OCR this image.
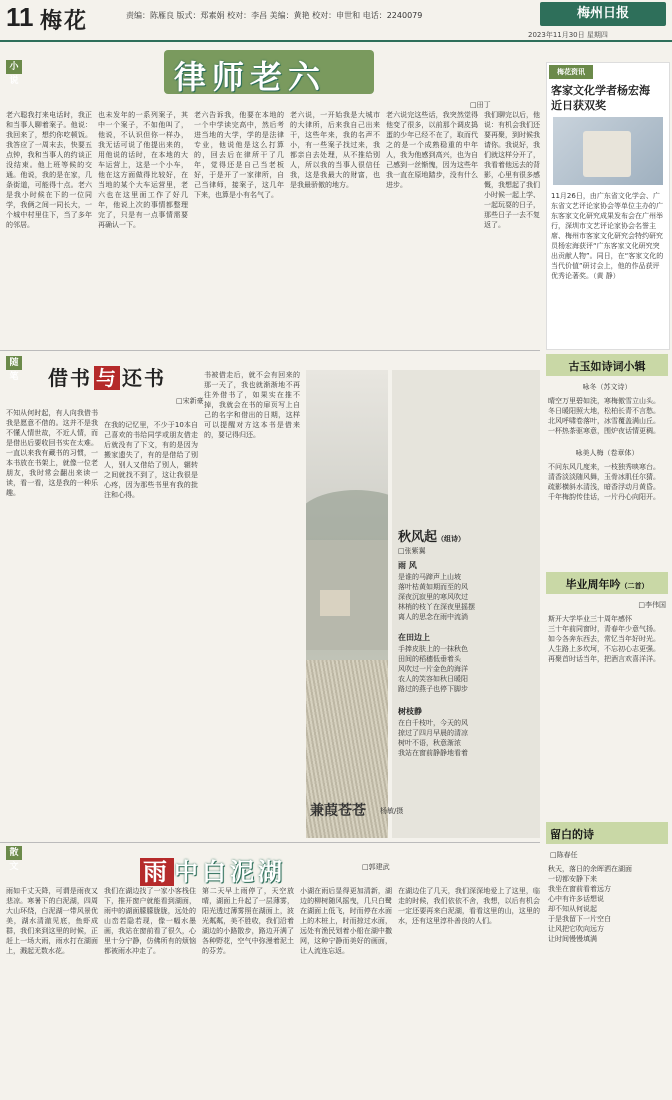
11 梅花	责编：陈雁良 版式：郑素娟 校对：李昌 美编：黄艳 校对：申世和 电话：2240079	梅州日报
2023年11月30日 星期四
小说	律师老六
□田丁
老六聪我打来电话时，我正和当事人聊着案子。他说：我回来了，想约你吃顿饭。我答应了一周末去，快要五点钟，我和当事人的约谈正没结束。他上班等候的交通。他说，我的是在家，几条街道，可能得十点。老六是我小时候在下的一位同学，我俩之间一同长大，一个城中村里住下，当了多年的邻居。
也未发年的一系列案子，其中一个案子，不如他叫了，他说，不认识但你一样办，我无话可说了他提出来的，用他说的话时，在本地的大车运营上，这是一个小车，他在这方面做得比较好，在当地的某个大车运营里，老六也在这里面工作了好几年，他说上次的事情都整理完了，只是有一点事情需要再确认一下。
老六告诉我，他要在本地的一个中学读完高中，然后考进当地的大学，学的是法律专业，他说他是这么打算的，回去后在律所干了几年，觉得还是自己当老板好，于是开了一家律所，自己当律师，接案子，这几年下来，也算是小有名气了。
老六说，一开始我是大城市的大律所，后来我自己出来干，这些年来，我的名声不小，有一些案子找过来，我都亲自去处理，从不推给别人，所以我的当事人很信任我，这是我最大的财富，也是我最骄傲的地方。
老六说完这些话，我突然觉得他变了很多，以前那个调皮捣蛋的少年已经不在了，取而代之的是一个成熟稳重的中年人，我为他感到高兴，也为自己感到一丝惭愧，因为这些年我一直在原地踏步，没有什么进步。
我们聊完以后，他说：有机会我们还要再聚，到时候我请你。我说好，我们就这样分开了，我看着他远去的背影，心里有很多感慨，我想起了我们小时候一起上学、一起玩耍的日子，那些日子一去不复返了。
梅花资讯
客家文化学者杨宏海
近日获双奖
11月26日，由广东省文化学会、广东省文艺评论家协会等单位主办的广东客家文化研究成果发布会在广州举行，深圳市文艺评论家协会名誉主席、梅州市客家文化研究会特约研究员杨宏海获评“广东客家文化研究突出贡献人物”。同日，在“客家文化的当代价值”研讨会上，他的作品获评优秀论著奖。（黄 静）
随笔 借书 与 还书
□宋新豪
不知从何时起，有人向我借书我是愿意不借的。这并不是我不懂人情世故，不近人情，而是借出后要收回书实在太难。一直以来我有藏书的习惯，一本书放在书架上，就像一位老朋友，我时常会翻出来读一读，看一看，这是我的一种乐趣。
在我的记忆里，不少于10本自己喜欢的书给同学或朋友借走后就没有了下文，有的是因为搬家遗失了，有的是借给了别人，别人又借给了别人，辗转之间就找不到了，这让我很是心疼，因为那些书里有我的批注和心得。
书被借走后，就不会有回来的那一天了，我也就渐渐地不再往外借书了，如果实在推不掉，我就会在书的扉页写上自己的名字和借出的日期，这样可以提醒对方这本书是借来的，要记得归还。
秋风起（组诗）
□张紫翼
雨 风
是谁的马蹄声上山坡
落叶枯黄如期而至的风
深夜沉寂里的寒风吹过
林梢的枝丫在深夜里摇摆
离人的思念在雨中流淌
在田边上
手捧皮肤上的一抹秋色
田间的稻穗低垂着头
风吹过一片金色的海洋
农人的笑容如秋日暖阳
路过的燕子也停下脚步
树枝静
在白千枝叶，今天的风
掠过了四月早晨的清凉
树叶不语，秋意渐浓
我站在窗前静静地看着
兼葭苍苍 杨敏/摄
散文	雨 中白泥湖	□郭建武
雨如千丈天降，可谓是雨夜又悲凉。寒暑下的白泥湖，四周大山环绕，白泥湖一带风景优美，湖水清澈见底，鱼虾成群，我们来到这里的时候，正赶上一场大雨，雨水打在湖面上，溅起无数水花。
我们在湖边找了一家小客栈住下，推开窗户就能看到湖面，雨中的湖面朦朦胧胧，远处的山峦若隐若现，像一幅水墨画，我站在窗前看了很久，心里十分宁静，仿佛所有的烦恼都被雨水冲走了。
第二天早上雨停了，天空放晴，湖面上升起了一层薄雾，阳光透过薄雾照在湖面上，波光粼粼，美不胜收，我们沿着湖边的小路散步，路边开满了各种野花，空气中弥漫着泥土的芬芳。
小湖在雨后显得更加清新，湖边的柳树随风摇曳，几只白鹭在湖面上低飞，时而停在水面上的木桩上，时而掠过水面，远处有渔民划着小船在湖中撒网，这种宁静而美好的画面，让人流连忘返。
在湖边住了几天，我们深深地爱上了这里，临走的时候，我们依依不舍，我想，以后有机会一定还要再来白泥湖，看看这里的山，这里的水，还有这里淳朴善良的人们。
古玉如诗词小辑
咏冬（苏文诗）
晴空万里碧如洗，寒梅傲雪立山头。
冬日暖阳照大地，松柏长青不言愁。
北风呼啸卷落叶，冰雪覆盖满山丘。
一杯热茶驱寒意，围炉夜话情更稠。
咏美人梅（卷章体）
不问东风几度来，一枝独秀映寒台。
清香淡淡随风舞，玉骨冰肌任尔猜。
疏影横斜水清浅，暗香浮动月黄昏。
千年梅韵传佳话，一片丹心向阳开。
毕业周年吟（二首）
□李伟国
斯开大学毕业三十周年感怀
三十年前同窗时，青春年少意气扬。
如今各奔东西去，常忆当年好时光。
人生路上多坎坷，不忘初心志更强。
再聚首时话当年，把酒言欢喜洋洋。
留白的诗
□陈春任
秋天，落日的余晖洒在湖面
一切都安静下来
我坐在窗前看着远方
心中有许多话想说
却不知从何说起
于是我留下一片空白
让风把它吹向远方
让时间慢慢填满
